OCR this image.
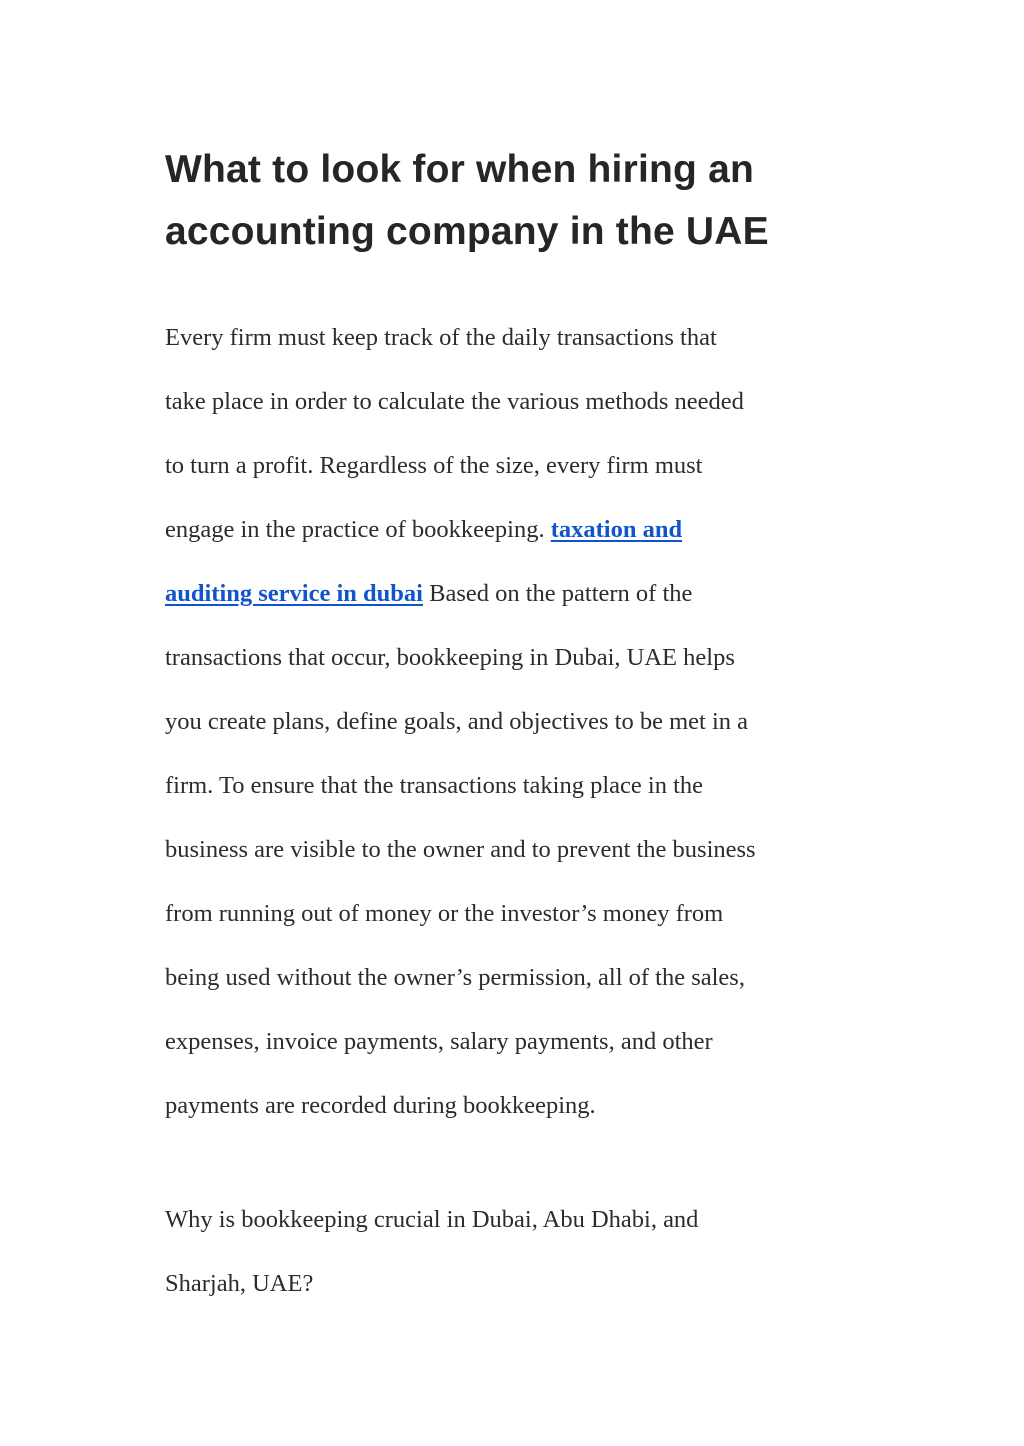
What to look for when hiring an
accounting company in the UAE

Every firm must keep track of the daily transactions that
take place in order to calculate the various methods needed
to turn a profit. Regardless of the size, every firm must
engage in the practice of bookkeeping. taxation and
auditing service in dubai Based on the pattern of the
transactions that occur, bookkeeping in Dubai, UAE helps
you create plans, define goals, and objectives to be met in a
firm. To ensure that the transactions taking place in the
business are visible to the owner and to prevent the business
from running out of money or the investor’s money from
being used without the owner’s permission, all of the sales,
expenses, invoice payments, salary payments, and other
payments are recorded during bookkeeping.

Why is bookkeeping crucial in Dubai, Abu Dhabi, and
Sharjah, UAE?
